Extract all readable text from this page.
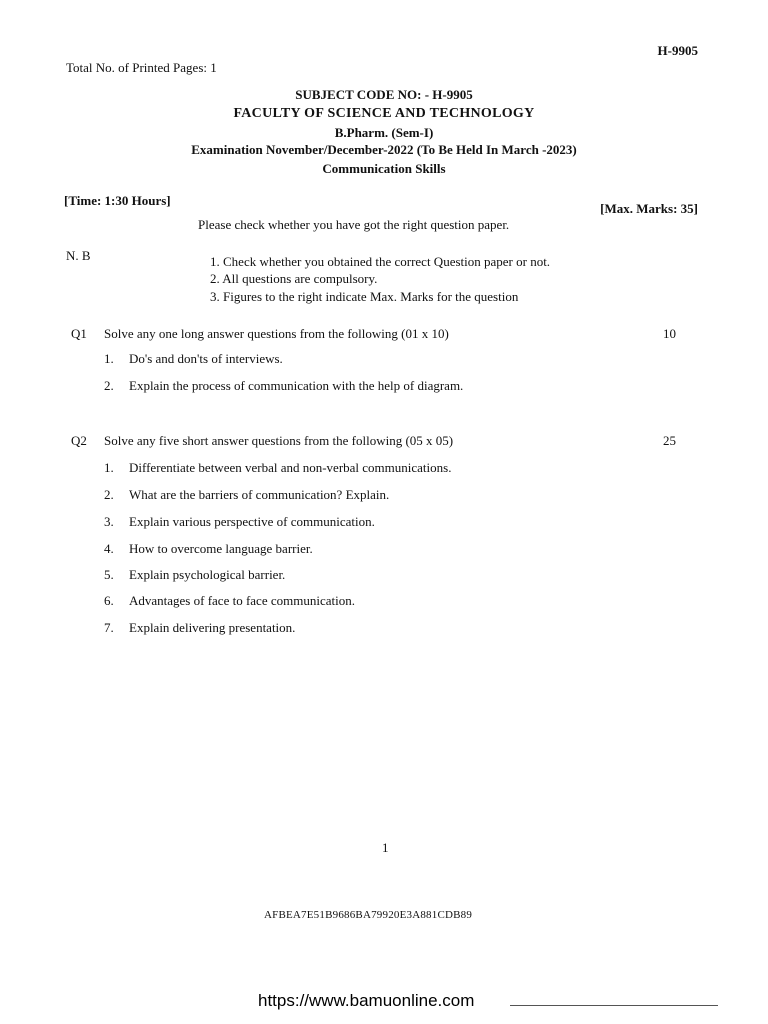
H-9905
Total No. of Printed Pages: 1
SUBJECT CODE NO: - H-9905
FACULTY OF SCIENCE AND TECHNOLOGY
B.Pharm. (Sem-I)
Examination November/December-2022 (To Be Held In March -2023)
Communication Skills
[Time: 1:30 Hours]
[Max. Marks: 35]
Please check whether you have got the right question paper.
N. B	1. Check whether you obtained the correct Question paper or not.
2. All questions are compulsory.
3. Figures to the right indicate Max. Marks for the question
Q1 Solve any one long answer questions from the following (01 x 10)	10
1. Do's and don'ts of interviews.
2. Explain the process of communication with the help of diagram.
Q2 Solve any five short answer questions from the following (05 x 05)	25
1. Differentiate between verbal and non-verbal communications.
2. What are the barriers of communication? Explain.
3. Explain various perspective of communication.
4. How to overcome language barrier.
5. Explain psychological barrier.
6. Advantages of face to face communication.
7. Explain delivering presentation.
1
AFBEA7E51B9686BA79920E3A881CDB89
https://www.bamuonline.com
